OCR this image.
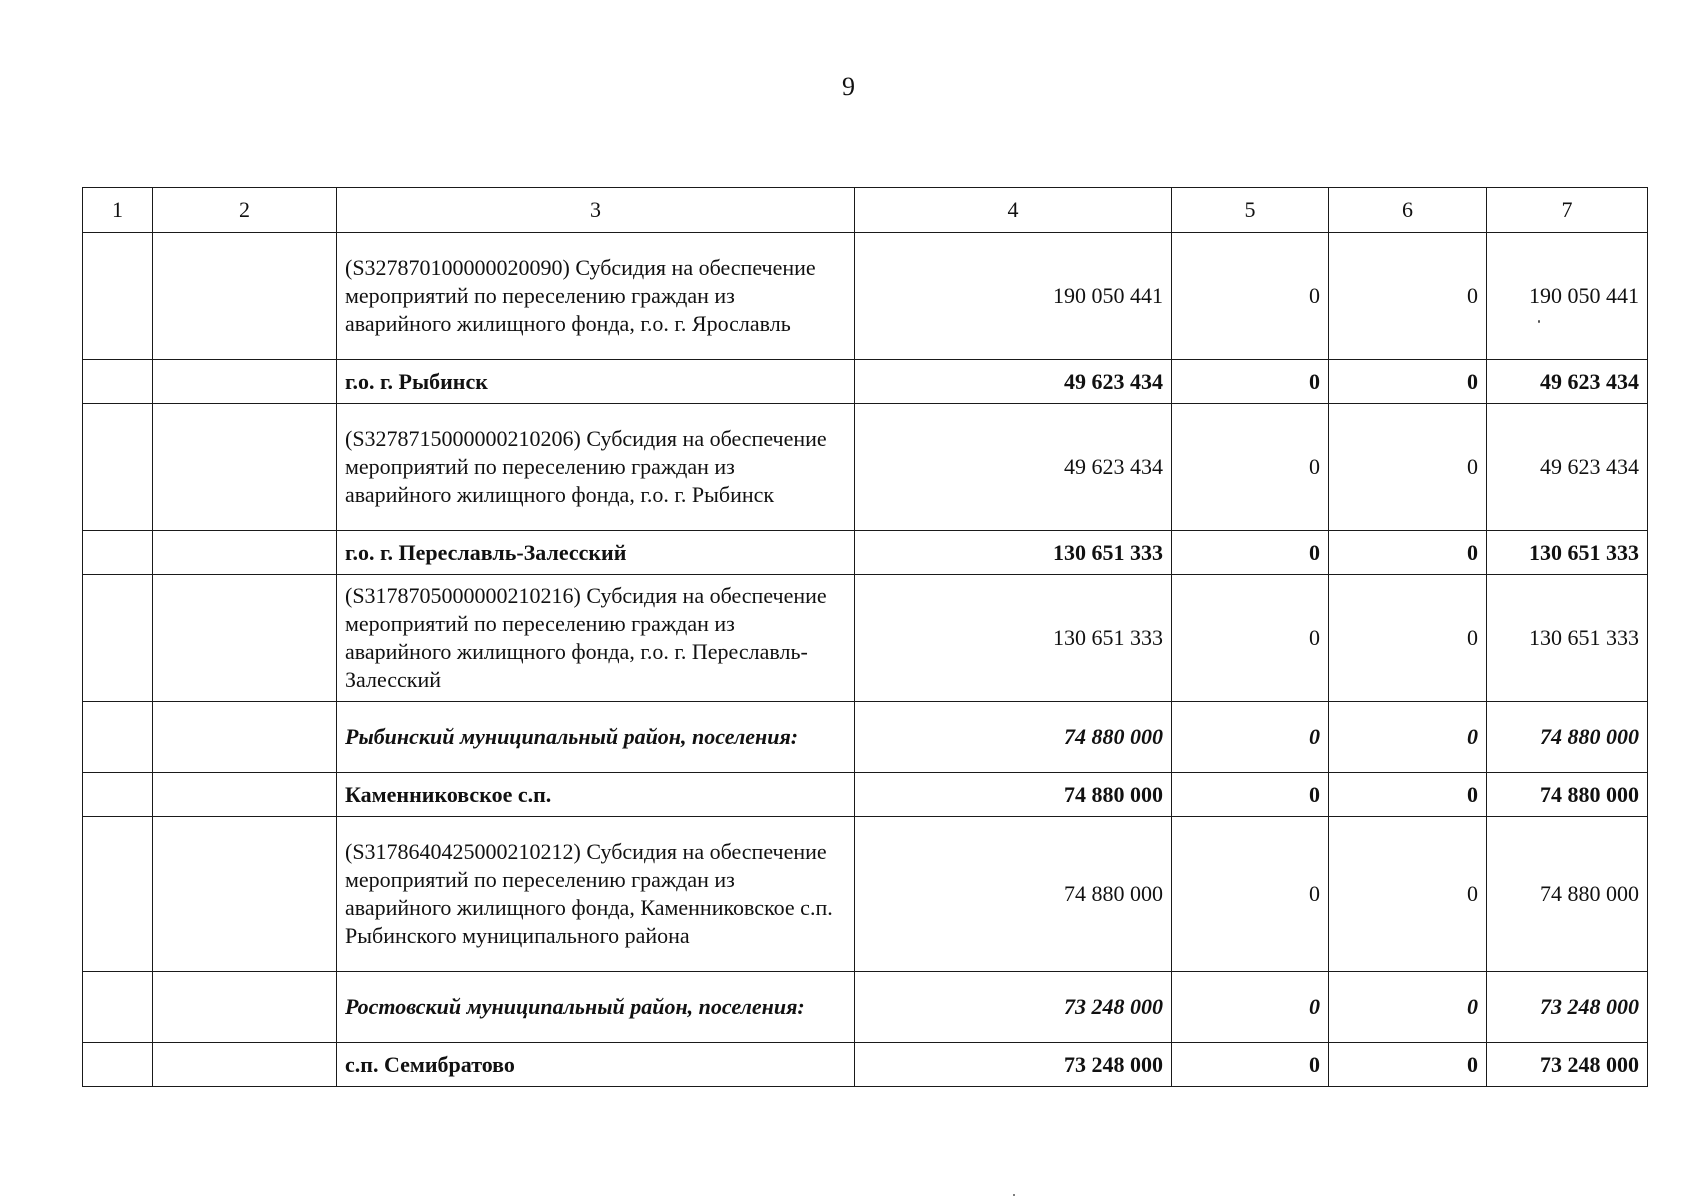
9
1	2	3	4	5	6	7
		(S327870100000020090) Субсидия на обеспечение мероприятий по переселению граждан из аварийного жилищного фонда, г.о. г. Ярославль	190 050 441	0	0	190 050 441
		г.о. г. Рыбинск	49 623 434	0	0	49 623 434
		(S3278715000000210206) Субсидия на обеспечение мероприятий по переселению граждан из аварийного жилищного фонда, г.о. г. Рыбинск	49 623 434	0	0	49 623 434
		г.о. г. Переславль-Залесский	130 651 333	0	0	130 651 333
		(S3178705000000210216) Субсидия на обеспечение мероприятий по переселению граждан из аварийного жилищного фонда, г.о. г. Переславль-Залесский	130 651 333	0	0	130 651 333
		Рыбинский муниципальный район, поселения:	74 880 000	0	0	74 880 000
		Каменниковское с.п.	74 880 000	0	0	74 880 000
		(S3178640425000210212) Субсидия на обеспечение мероприятий по переселению граждан из аварийного жилищного фонда, Каменниковское с.п. Рыбинского муниципального района	74 880 000	0	0	74 880 000
		Ростовский муниципальный район, поселения:	73 248 000	0	0	73 248 000
		с.п. Семибратово	73 248 000	0	0	73 248 000
